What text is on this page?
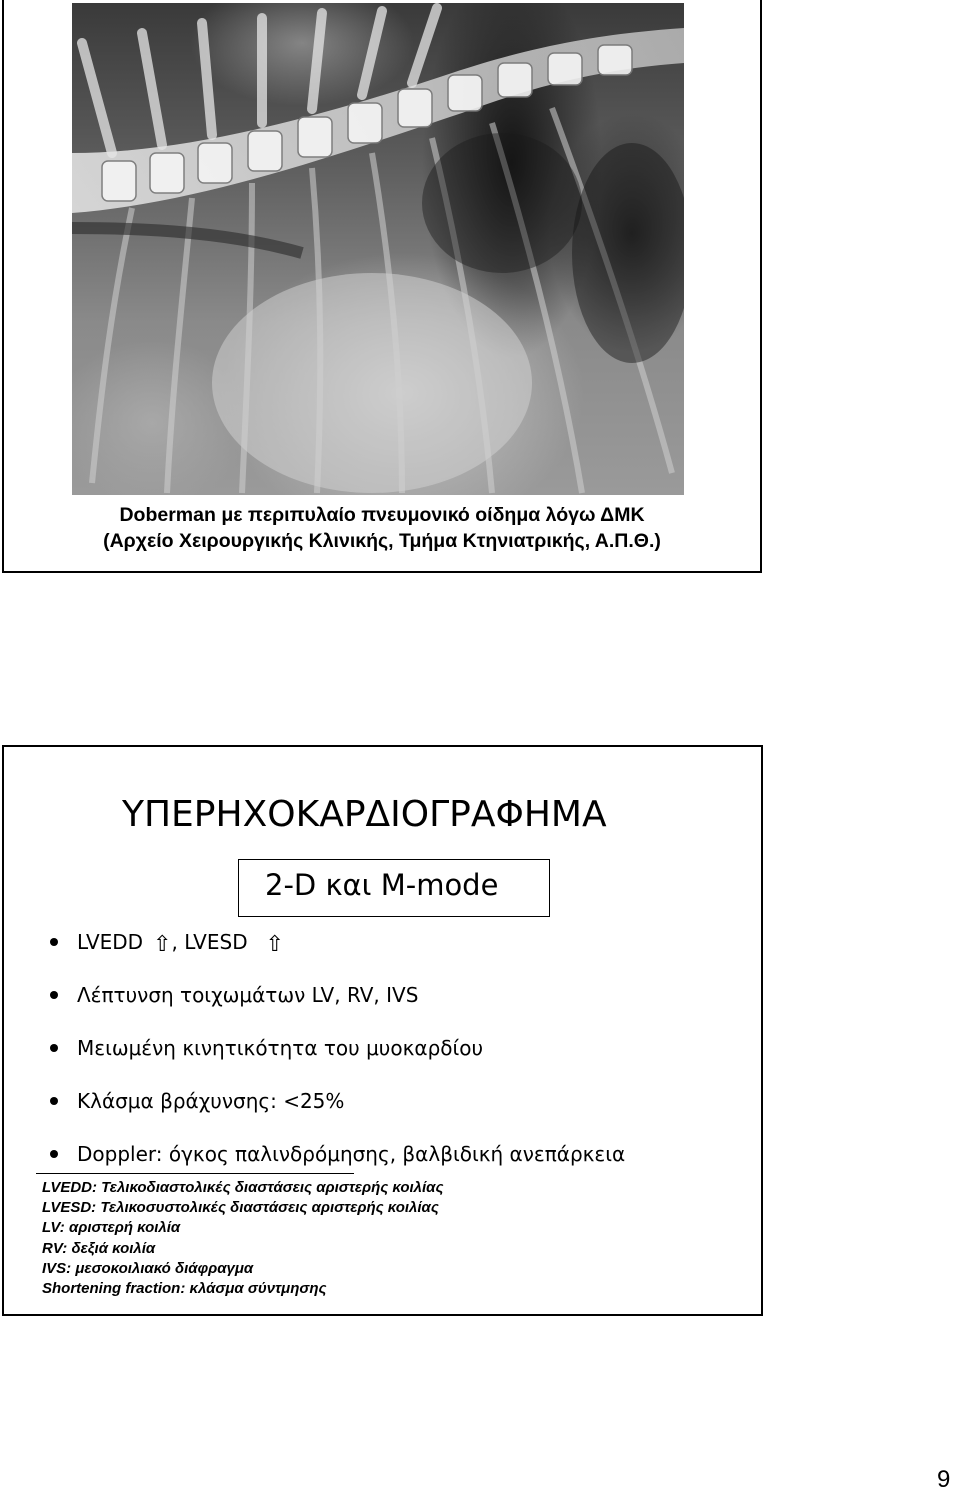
Doberman με περιπυλαίο πνευμονικό οίδημα λόγω ΔΜΚ
(Αρχείο Χειρουργικής Κλινικής, Τμήμα Κτηνιατρικής, Α.Π.Θ.)
ΥΠΕΡΗΧΟΚΑΡΔΙΟΓΡΑΦΗΜΑ
2-D και M-mode
LVEDD ⇧, LVESD ⇧
Λέπτυνση τοιχωμάτων LV, RV, IVS
Μειωμένη κινητικότητα του μυοκαρδίου
Κλάσμα βράχυνσης: <25%
Doppler: όγκος παλινδρόμησης, βαλβιδική ανεπάρκεια
LVEDD: Τελικοδιαστολικές διαστάσεις αριστερής κοιλίας
LVESD: Τελικοσυστολικές διαστάσεις αριστερής κοιλίας
LV: αριστερή κοιλία
RV: δεξιά κοιλία
IVS: μεσοκοιλιακό διάφραγμα
Shortening fraction: κλάσμα σύντμησης
9
